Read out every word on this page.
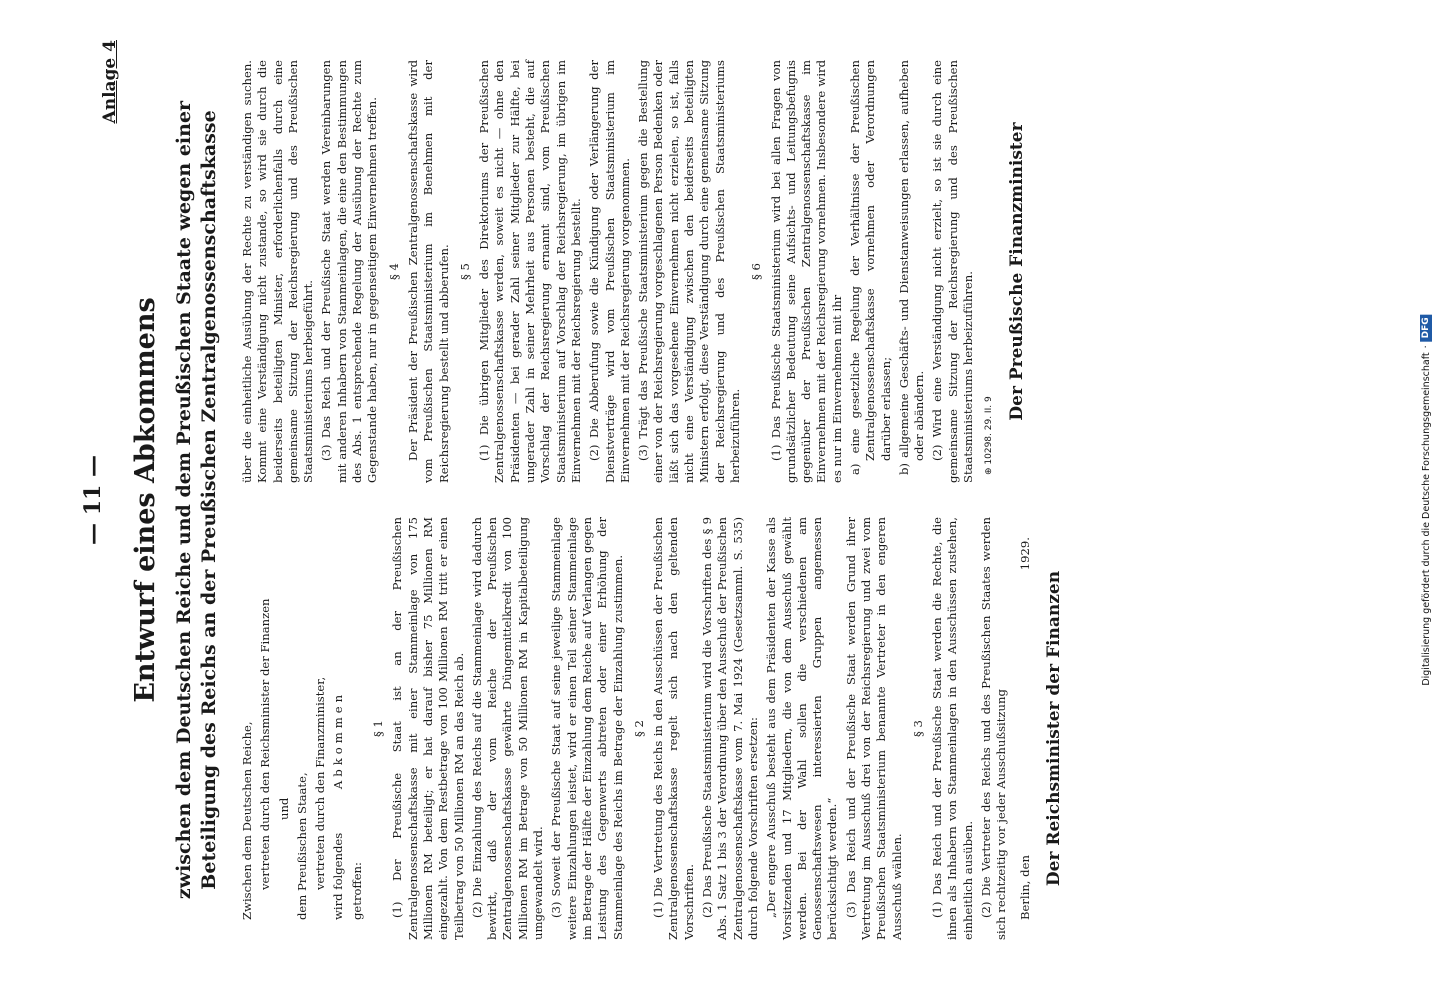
Digitalisierung gefördert durch die Deutsche Forschungsgemeinschaft
·
DFG
— 11 —
Anlage 4
Entwurf eines Abkommens zwischen dem Deutschen Reiche und dem Preußischen Staate wegen einer Beteiligung des Reichs an der Preußischen Zentralgenossenschaftskasse Zwischen dem Deutschen Reiche, vertreten durch den Reichsminister der Finanzen und dem Preußischen Staate, vertreten durch den Finanzminister, wird folgendes Abkommen

getroffen:

§ 1 (1) Der Preußische Staat ist an der Preußischen Zentralgenossenschaftskasse mit einer Stammeinlage von 175 Millionen RM beteiligt; er hat darauf bisher 75 Millionen RM eingezahlt. Von dem Restbetrage von 100 Millionen RM tritt er einen Teilbetrag von 50 Millionen RM an das Reich ab. (2) Die Einzahlung des Reichs auf die Stammeinlage wird dadurch bewirkt, daß der vom Reiche der Preußischen Zentralgenossenschaftskasse gewährte Düngemittelkredit von 100 Millionen RM im Betrage von 50 Millionen RM in Kapitalbeteiligung umgewandelt wird. (3) Soweit der Preußische Staat auf seine jeweilige Stammeinlage weitere Einzahlungen leistet, wird er einen Teil seiner Stammeinlage im Betrage der Hälfte der Einzahlung dem Reiche auf Verlangen gegen Leistung des Gegenwerts abtreten oder einer Erhöhung der Stammeinlage des Reichs im Betrage der Einzahlung zustimmen. § 2 (1) Die Vertretung des Reichs in den Ausschüssen der Preußischen Zentralgenossenschaftskasse regelt sich nach den geltenden Vorschriften. (2) Das Preußische Staatsministerium wird die Vorschriften des § 9 Abs. 1 Satz 1 bis 3 der Verordnung über den Ausschuß der Preußischen Zentralgenossenschaftskasse vom 7. Mai 1924 (Gesetzsamml. S. 535) durch folgende Vorschriften ersetzen: „Der engere Ausschuß besteht aus dem Präsidenten der Kasse als Vorsitzenden und 17 Mitgliedern, die von dem Ausschuß gewählt werden. Bei der Wahl sollen die verschiedenen am Genossenschaftswesen interessierten Gruppen angemessen berücksichtigt werden.“ (3) Das Reich und der Preußische Staat werden Grund ihrer Vertretung im Ausschuß drei von der Reichsregierung und zwei vom Preußischen Staatsministerium benannte Vertreter in den engeren Ausschuß wählen.

§ 3 (1) Das Reich und der Preußische Staat werden die Rechte, die ihnen als Inhabern von Stammeinlagen in den Ausschüssen zustehen, einheitlich ausüben. (2) Die Vertreter des Reichs und des Preußischen Staates werden sich rechtzeitig vor jeder Ausschußsitzung Berlin, den
1929.
Der Reichsminister der Finanzen

über die einheitliche Ausübung der Rechte zu verständigen suchen. Kommt eine Verständigung nicht zustande, so wird sie durch die beiderseits beteiligten Minister, erforderlichenfalls durch eine gemeinsame Sitzung der Reichsregierung und des Preußischen Staatsministeriums herbeigeführt. (3) Das Reich und der Preußische Staat werden Vereinbarungen mit anderen Inhabern von Stammeinlagen, die eine den Bestimmungen des Abs. 1 entsprechende Regelung der Ausübung der Rechte zum Gegenstande haben, nur in gegenseitigem Einvernehmen treffen. § 4 Der Präsident der Preußischen Zentralgenossenschaftskasse wird vom Preußischen Staatsministerium im Benehmen mit der Reichsregierung bestellt und abberufen. § 5 (1) Die übrigen Mitglieder des Direktoriums der Preußischen Zentralgenossenschaftskasse werden, soweit es nicht — ohne den Präsidenten — bei gerader Zahl seiner Mitglieder zur Hälfte, bei ungerader Zahl in seiner Mehrheit aus Personen besteht, die auf Vorschlag der Reichsregierung ernannt sind, vom Preußischen Staatsministerium auf Vorschlag der Reichsregierung, im übrigen im Einvernehmen mit der Reichsregierung bestellt. (2) Die Abberufung sowie die Kündigung oder Verlängerung der Dienstverträge wird vom Preußischen Staatsministerium im Einvernehmen mit der Reichsregierung vorgenommen. (3) Trägt das Preußische Staatsministerium gegen die Bestellung einer von der Reichsregierung vorgeschlagenen Person Bedenken oder läßt sich das vorgesehene Einvernehmen nicht erzielen, so ist, falls nicht eine Verständigung zwischen den beiderseits beteiligten Ministern erfolgt, diese Verständigung durch eine gemeinsame Sitzung der Reichsregierung und des Preußischen Staatsministeriums herbeizuführen.

§ 6 (1) Das Preußische Staatsministerium wird bei allen Fragen von grundsätzlicher Bedeutung seine Aufsichts- und Leitungsbefugnis gegenüber der Preußischen Zentralgenossenschaftskasse im Einvernehmen mit der Reichsregierung vornehmen. Insbesondere wird es nur im Einvernehmen mit ihr a) eine gesetzliche Regelung der Verhältnisse der Preußischen Zentralgenossenschaftskasse vornehmen oder Verordnungen darüber erlassen; b) allgemeine Geschäfts- und Dienstanweisungen erlassen, aufheben oder abändern. (2) Wird eine Verständigung nicht erzielt, so ist sie durch eine gemeinsame Sitzung der Reichsregierung und des Preußischen Staatsministeriums herbeizuführen. ⊕ 10298. 29. II. 9
Der Preußische Finanzminister
